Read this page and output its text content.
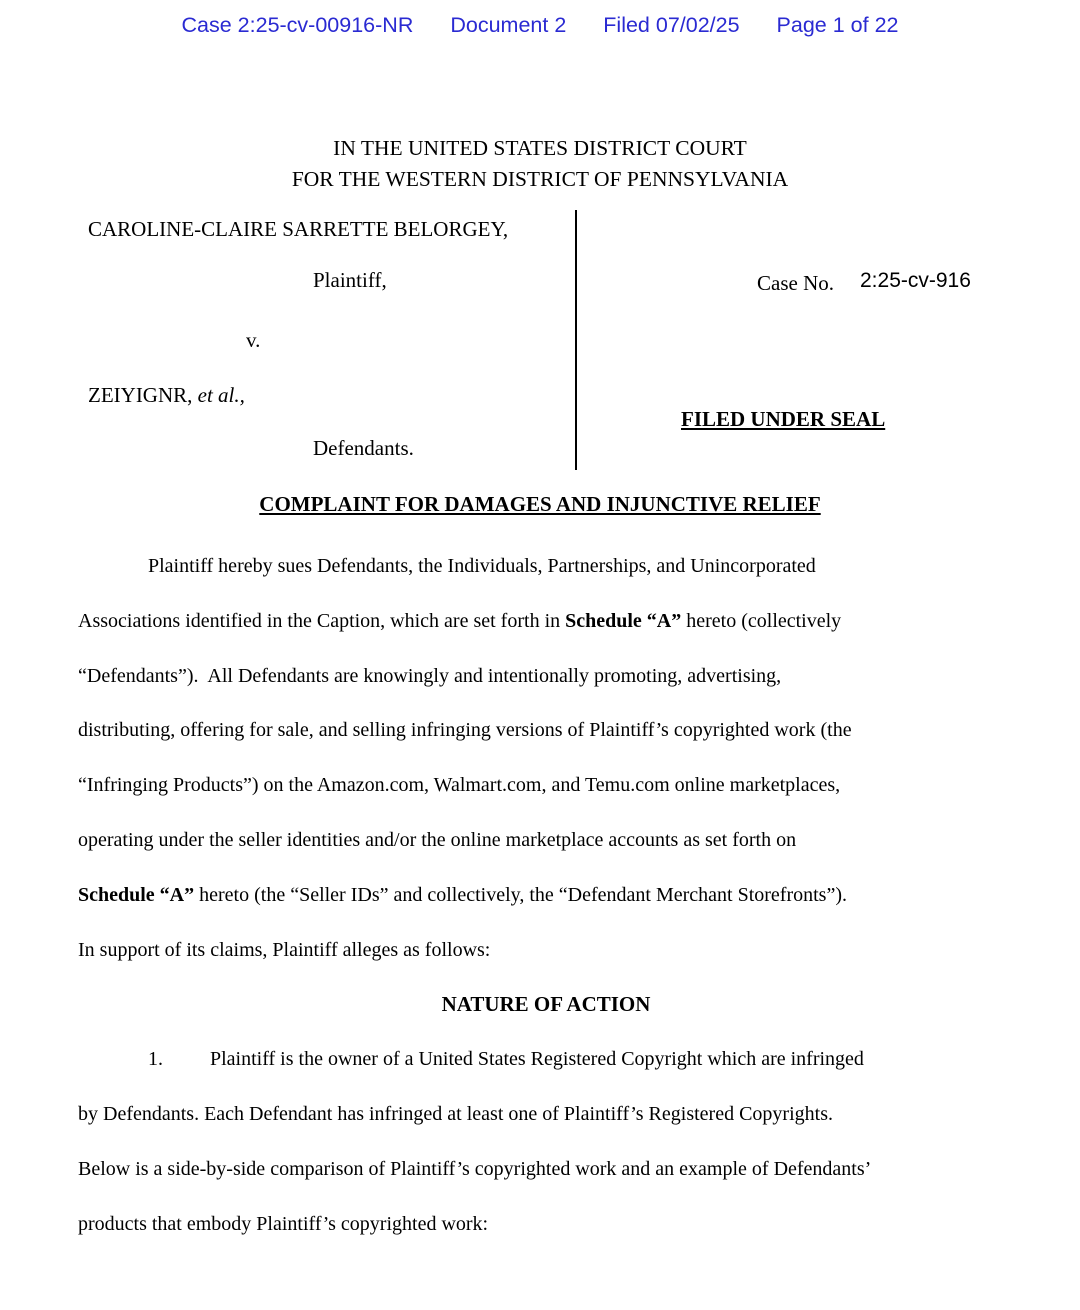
Case 2:25-cv-00916-NR Document 2 Filed 07/02/25 Page 1 of 22
IN THE UNITED STATES DISTRICT COURT
FOR THE WESTERN DISTRICT OF PENNSYLVANIA
CAROLINE-CLAIRE SARRETTE BELORGEY,
Plaintiff,
v.
ZEIYIGNR, et al.,
Defendants.
Case No. 2:25-cv-916
FILED UNDER SEAL
COMPLAINT FOR DAMAGES AND INJUNCTIVE RELIEF
Plaintiff hereby sues Defendants, the Individuals, Partnerships, and Unincorporated
Associations identified in the Caption, which are set forth in Schedule “A” hereto (collectively
“Defendants”).  All Defendants are knowingly and intentionally promoting, advertising,
distributing, offering for sale, and selling infringing versions of Plaintiff’s copyrighted work (the
“Infringing Products”) on the Amazon.com, Walmart.com, and Temu.com online marketplaces,
operating under the seller identities and/or the online marketplace accounts as set forth on
Schedule “A” hereto (the “Seller IDs” and collectively, the “Defendant Merchant Storefronts”).
In support of its claims, Plaintiff alleges as follows:
NATURE OF ACTION
1. Plaintiff is the owner of a United States Registered Copyright which are infringed
by Defendants. Each Defendant has infringed at least one of Plaintiff’s Registered Copyrights.
Below is a side-by-side comparison of Plaintiff’s copyrighted work and an example of Defendants’
products that embody Plaintiff’s copyrighted work:
